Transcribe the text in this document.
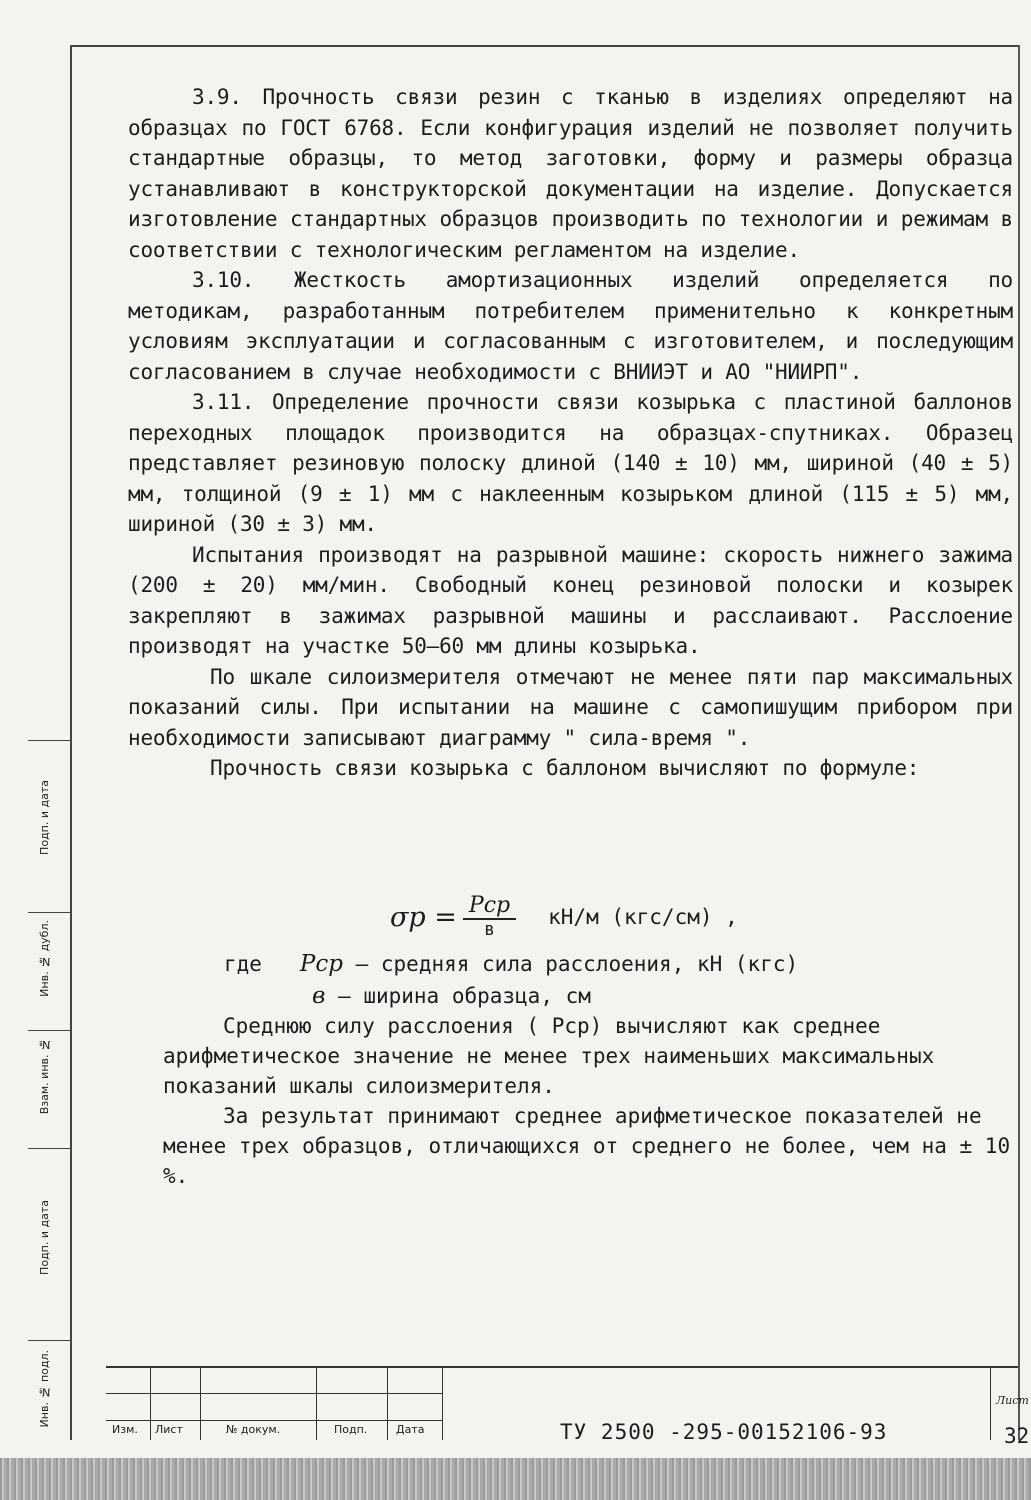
3.9. Прочность связи резин с тканью в изделиях определяют на образцах по ГОСТ 6768. Если конфигурация изделий не позволяет получить стандартные образцы, то метод заготовки, форму и размеры образца устанавливают в конструкторской документации на изделие. Допускается изготовление стандартных образцов производить по технологии и режимам в соответствии с технологическим регламентом на изделие.

3.10. Жесткость амортизационных изделий определяется по методикам, разработанным потребителем применительно к конкретным условиям эксплуатации и согласованным с изготовителем, и последующим согласованием в случае необходимости с ВНИИЭТ и АО "НИИРП".

3.11. Определение прочности связи козырька с пластиной баллонов переходных площадок производится на образцах-спутниках. Образец представляет резиновую полоску длиной (140 ± 10) мм, шириной (40 ± 5) мм, толщиной (9 ± 1) мм с наклеенным козырьком длиной (115 ± 5) мм, шириной (30 ± 3) мм.

Испытания производят на разрывной машине: скорость нижнего зажима (200 ± 20) мм/мин. Свободный конец резиновой полоски и козырек закрепляют в зажимах разрывной машины и расслаивают. Расслоение производят на участке 50–60 мм длины козырька.

По шкале силоизмерителя отмечают не менее пяти пар максимальных показаний силы. При испытании на машине с самопишущим прибором при необходимости записывают диаграмму " сила-время ".

Прочность связи козырька с баллоном вычисляют по формуле:

$\sigma р = \frac{\text{Рср}}{в} кН/м$ (кгс/см) ,
где Рср – средняя сила расслоения, кН (кгс)
в – ширина образца, см

Среднюю силу расслоения ( Рср) вычисляют как среднее арифметическое значение не менее трех наименьших максимальных показаний шкалы силоизмерителя.

За результат принимают среднее арифметическое показателей не менее трех образцов, отличающихся от среднего не более, чем на ± 10 %.

Подп. и дата
Инв. № дубл.
Взам. инв. №
Подп. и дата
Инв. № подл.
Изм. Лист	№ докум.	Подп.	Дата	ТУ 2500 -295-00152106-93
Лист
32
